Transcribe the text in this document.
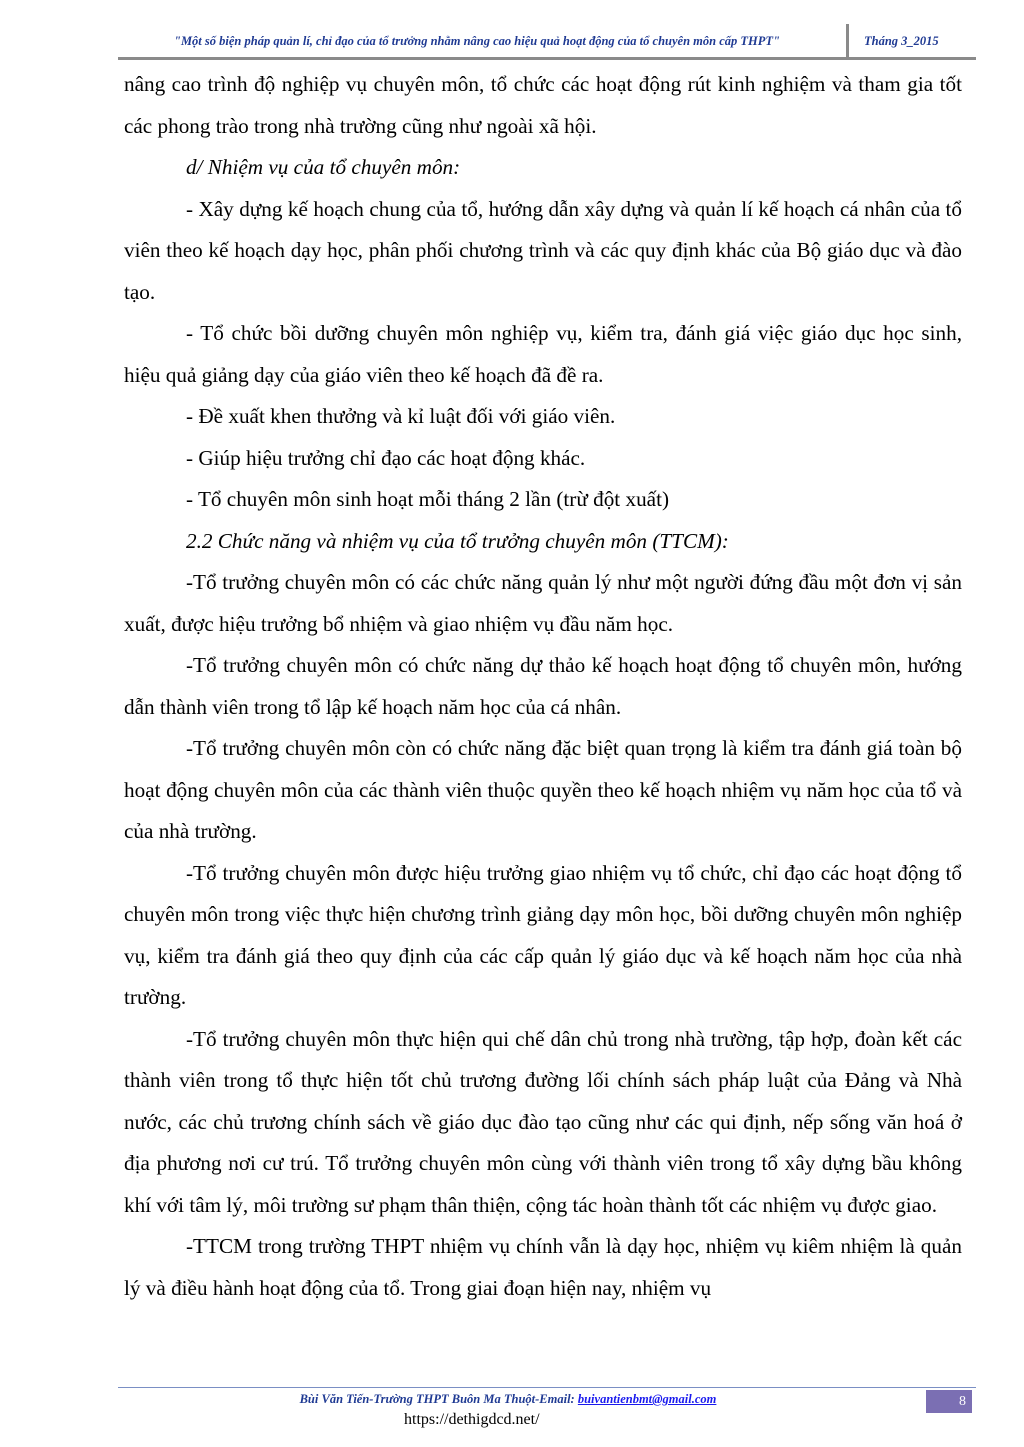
"Một số biện pháp quản lí, chỉ đạo của tổ trưởng nhằm nâng cao hiệu quả hoạt động của tổ chuyên môn cấp THPT"	Tháng 3_2015

nâng cao trình độ nghiệp vụ chuyên môn, tổ chức các hoạt động rút kinh nghiệm và tham gia tốt các phong trào trong nhà trường cũng như ngoài xã hội.

d/ Nhiệm vụ của tổ chuyên môn:

- Xây dựng kế hoạch chung của tổ, hướng dẫn xây dựng và quản lí kế hoạch cá nhân của tổ viên theo kế hoạch dạy học, phân phối chương trình và các quy định khác của Bộ giáo dục và đào tạo.

- Tổ chức bồi dưỡng chuyên môn nghiệp vụ, kiểm tra, đánh giá việc giáo dục học sinh, hiệu quả giảng dạy của giáo viên theo kế hoạch đã đề ra.

- Đề xuất khen thưởng và kỉ luật đối với giáo viên.

- Giúp hiệu trưởng chỉ đạo các hoạt động khác.

- Tổ chuyên môn sinh hoạt mỗi tháng 2 lần (trừ đột xuất)

2.2 Chức năng và nhiệm vụ của tổ trưởng chuyên môn (TTCM):

-Tổ trưởng chuyên môn có các chức năng quản lý như một người đứng đầu một đơn vị sản xuất, được hiệu trưởng bổ nhiệm và giao nhiệm vụ đầu năm học.

-Tổ trưởng chuyên môn có chức năng dự thảo kế hoạch hoạt động tổ chuyên môn, hướng dẫn thành viên trong tổ lập kế hoạch năm học của cá nhân.

-Tổ trưởng chuyên môn còn có chức năng đặc biệt quan trọng là kiểm tra đánh giá toàn bộ hoạt động chuyên môn của các thành viên thuộc quyền theo kế hoạch nhiệm vụ năm học của tổ và của nhà trường.

-Tổ trưởng chuyên môn được hiệu trưởng giao nhiệm vụ tổ chức, chỉ đạo các hoạt động tổ chuyên môn trong việc thực hiện chương trình giảng dạy môn học, bồi dưỡng chuyên môn nghiệp vụ, kiểm tra đánh giá theo quy định của các cấp quản lý giáo dục và kế hoạch năm học của nhà trường.

-Tổ trưởng chuyên môn thực hiện qui chế dân chủ trong nhà trường, tập hợp, đoàn kết các thành viên trong tổ thực hiện tốt chủ trương đường lối chính sách pháp luật của Đảng và Nhà nước, các chủ trương chính sách về giáo dục đào tạo cũng như các qui định, nếp sống văn hoá ở địa phương nơi cư trú. Tổ trưởng chuyên môn cùng với thành viên trong tổ xây dựng bầu không khí với tâm lý, môi trường sư phạm thân thiện, cộng tác hoàn thành tốt các nhiệm vụ được giao.

-TTCM trong trường THPT nhiệm vụ chính vẫn là dạy học, nhiệm vụ kiêm nhiệm là quản lý và điều hành hoạt động của tổ. Trong giai đoạn hiện nay, nhiệm vụ

Bùi Văn Tiến-Trường THPT Buôn Ma Thuột-Email: buivantienbmt@gmail.com	8
https://dethigdcd.net/
